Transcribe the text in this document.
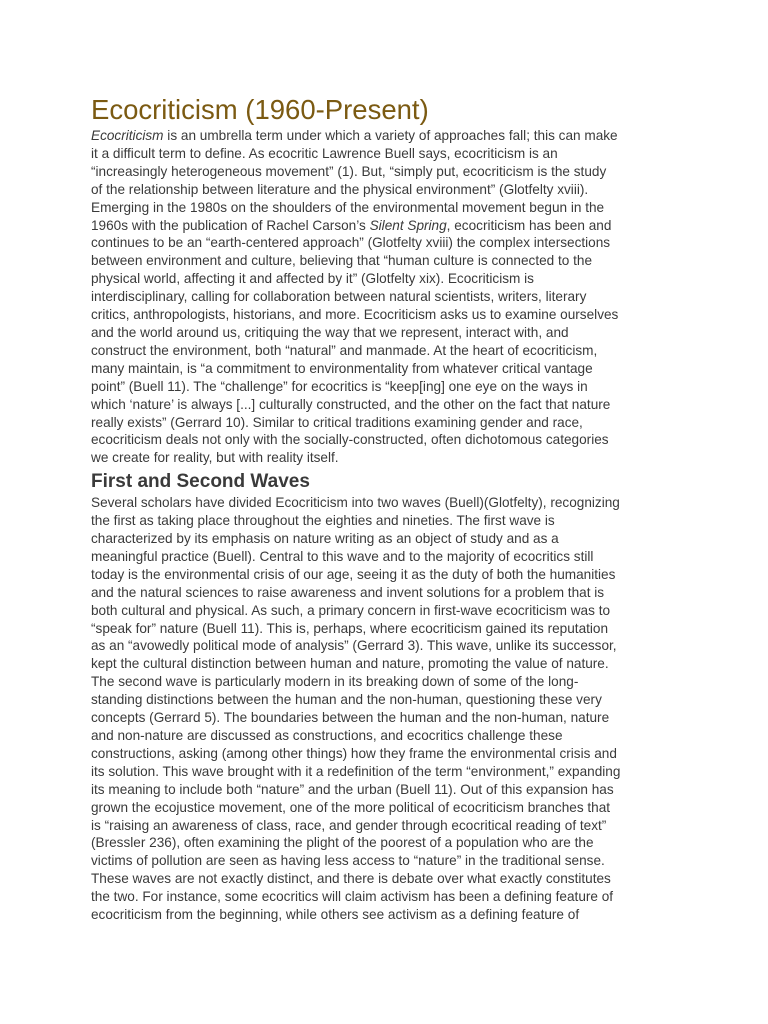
Ecocriticism (1960-Present)

Ecocriticism is an umbrella term under which a variety of approaches fall; this can make
it a difficult term to define. As ecocritic Lawrence Buell says, ecocriticism is an
“increasingly heterogeneous movement” (1). But, “simply put, ecocriticism is the study
of the relationship between literature and the physical environment” (Glotfelty xviii).
Emerging in the 1980s on the shoulders of the environmental movement begun in the
1960s with the publication of Rachel Carson’s Silent Spring, ecocriticism has been and
continues to be an “earth-centered approach” (Glotfelty xviii) the complex intersections
between environment and culture, believing that “human culture is connected to the
physical world, affecting it and affected by it” (Glotfelty xix). Ecocriticism is
interdisciplinary, calling for collaboration between natural scientists, writers, literary
critics, anthropologists, historians, and more. Ecocriticism asks us to examine ourselves
and the world around us, critiquing the way that we represent, interact with, and
construct the environment, both “natural” and manmade. At the heart of ecocriticism,
many maintain, is “a commitment to environmentality from whatever critical vantage
point” (Buell 11). The “challenge” for ecocritics is “keep[ing] one eye on the ways in
which ‘nature’ is always [...] culturally constructed, and the other on the fact that nature
really exists” (Gerrard 10). Similar to critical traditions examining gender and race,
ecocriticism deals not only with the socially-constructed, often dichotomous categories
we create for reality, but with reality itself.

First and Second Waves

Several scholars have divided Ecocriticism into two waves (Buell)(Glotfelty), recognizing
the first as taking place throughout the eighties and nineties. The first wave is
characterized by its emphasis on nature writing as an object of study and as a
meaningful practice (Buell). Central to this wave and to the majority of ecocritics still
today is the environmental crisis of our age, seeing it as the duty of both the humanities
and the natural sciences to raise awareness and invent solutions for a problem that is
both cultural and physical. As such, a primary concern in first-wave ecocriticism was to
“speak for” nature (Buell 11). This is, perhaps, where ecocriticism gained its reputation
as an “avowedly political mode of analysis” (Gerrard 3). This wave, unlike its successor,
kept the cultural distinction between human and nature, promoting the value of nature.
The second wave is particularly modern in its breaking down of some of the long-
standing distinctions between the human and the non-human, questioning these very
concepts (Gerrard 5). The boundaries between the human and the non-human, nature
and non-nature are discussed as constructions, and ecocritics challenge these
constructions, asking (among other things) how they frame the environmental crisis and
its solution. This wave brought with it a redefinition of the term “environment,” expanding
its meaning to include both “nature” and the urban (Buell 11). Out of this expansion has
grown the ecojustice movement, one of the more political of ecocriticism branches that
is “raising an awareness of class, race, and gender through ecocritical reading of text”
(Bressler 236), often examining the plight of the poorest of a population who are the
victims of pollution are seen as having less access to “nature” in the traditional sense.
These waves are not exactly distinct, and there is debate over what exactly constitutes
the two. For instance, some ecocritics will claim activism has been a defining feature of
ecocriticism from the beginning, while others see activism as a defining feature of
